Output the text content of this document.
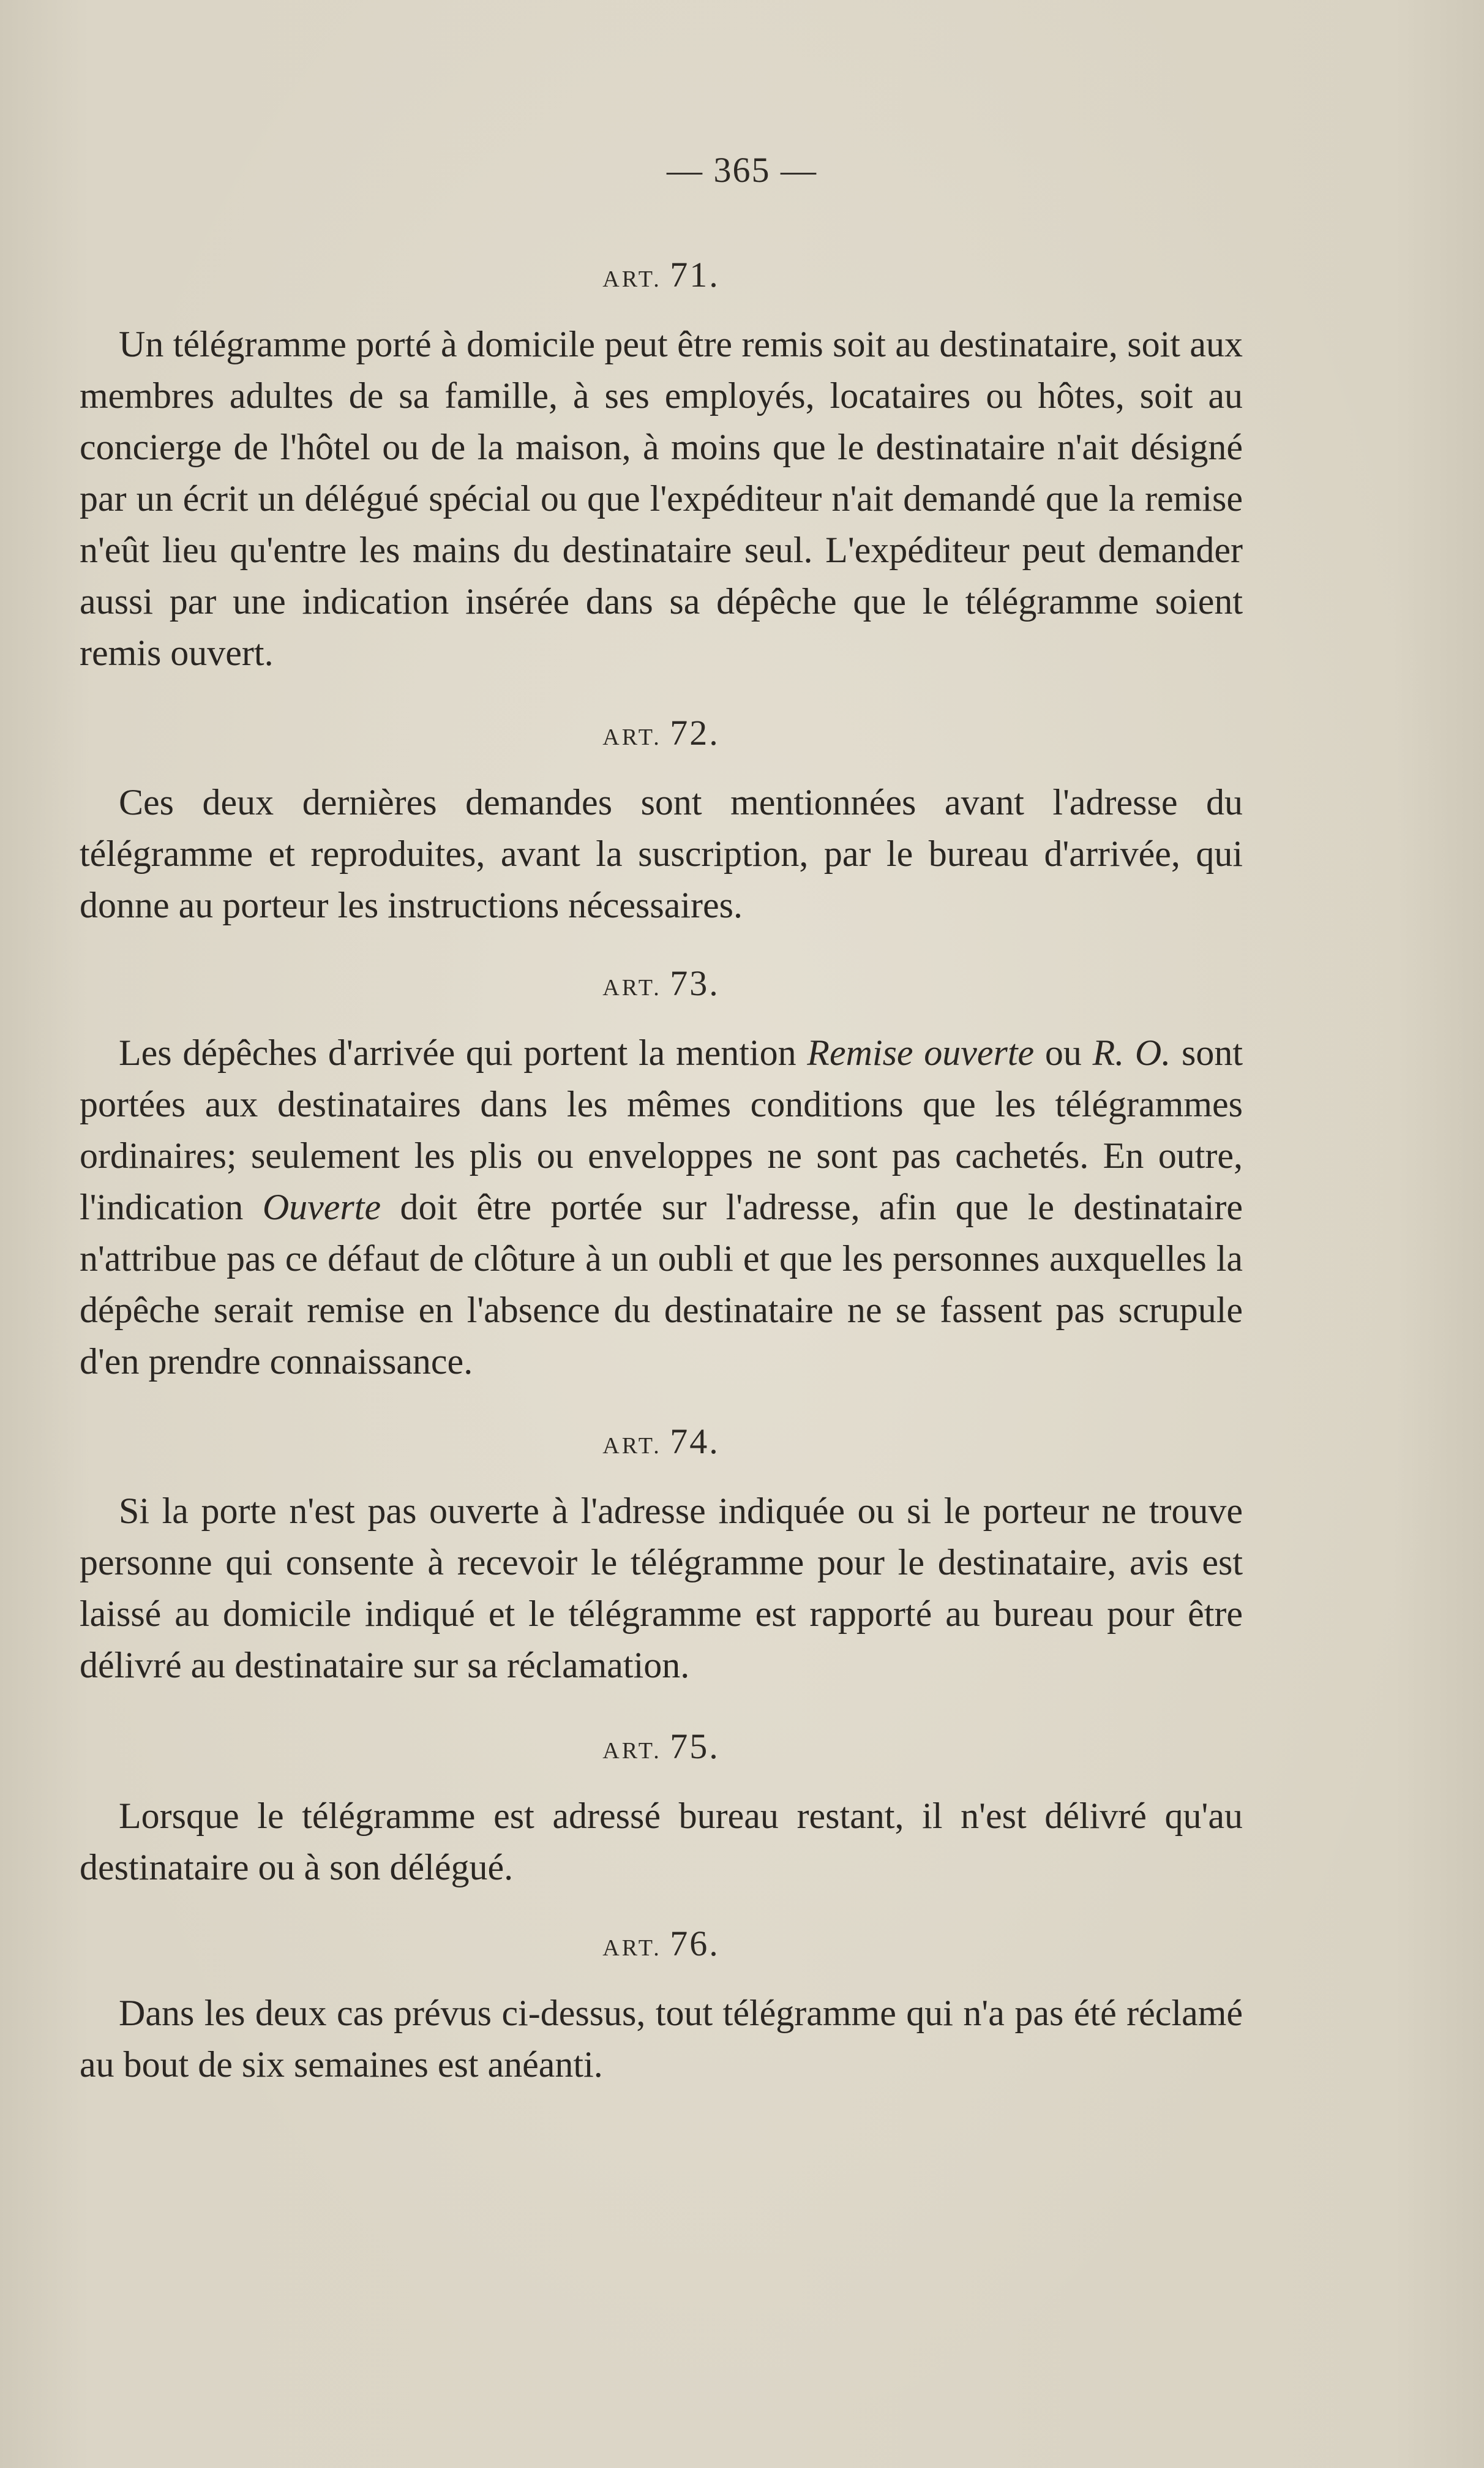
— 365 —
ART. 71.

Un télégramme porté à domicile peut être remis soit au destinataire, soit aux membres adultes de sa famille, à ses employés, locataires ou hôtes, soit au concierge de l'hôtel ou de la maison, à moins que le destinataire n'ait désigné par un écrit un délégué spécial ou que l'expéditeur n'ait demandé que la remise n'eût lieu qu'entre les mains du destinataire seul. L'expéditeur peut demander aussi par une indication insérée dans sa dépêche que le télégramme soient remis ouvert.

ART. 72.

Ces deux dernières demandes sont mentionnées avant l'adresse du télégramme et reproduites, avant la suscription, par le bureau d'arrivée, qui donne au porteur les instructions nécessaires.

ART. 73.

Les dépêches d'arrivée qui portent la mention Remise ouverte ou R. O. sont portées aux destinataires dans les mêmes conditions que les télégrammes ordinaires; seulement les plis ou enveloppes ne sont pas cachetés. En outre, l'indication Ouverte doit être portée sur l'adresse, afin que le destinataire n'attribue pas ce défaut de clôture à un oubli et que les personnes auxquelles la dépêche serait remise en l'absence du destinataire ne se fassent pas scrupule d'en prendre connaissance.

ART. 74.

Si la porte n'est pas ouverte à l'adresse indiquée ou si le porteur ne trouve personne qui consente à recevoir le télégramme pour le destinataire, avis est laissé au domicile indiqué et le télégramme est rapporté au bureau pour être délivré au destinataire sur sa réclamation.

ART. 75.

Lorsque le télégramme est adressé bureau restant, il n'est délivré qu'au destinataire ou à son délégué.

ART. 76.

Dans les deux cas prévus ci-dessus, tout télégramme qui n'a pas été réclamé au bout de six semaines est anéanti.
